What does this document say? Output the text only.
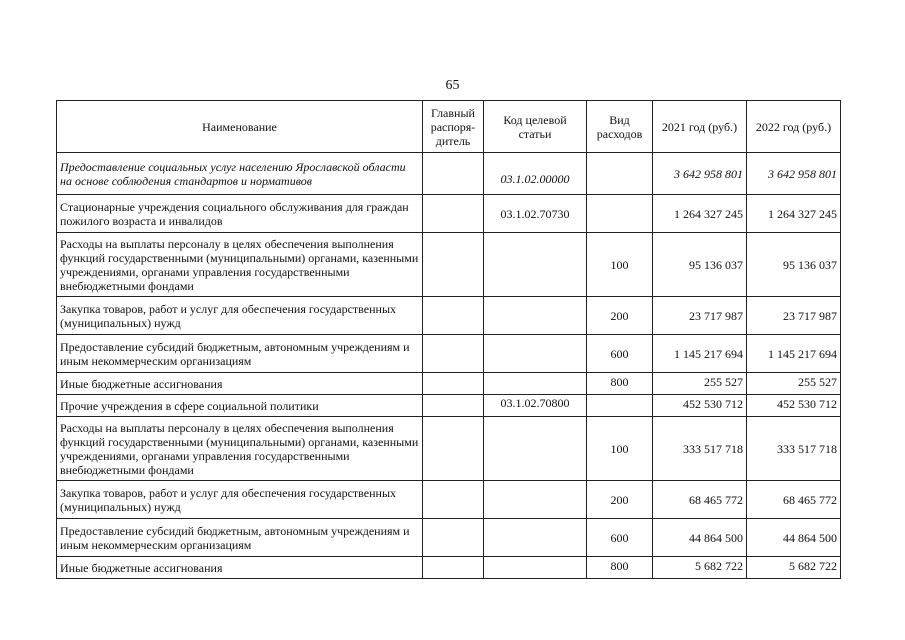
65
Наименование	Главный распоря-дитель	Код целевой статьи	Вид расходов	2021 год (руб.)	2022 год (руб.)
Предоставление социальных услуг населению Ярославской области на основе соблюдения стандартов и нормативов		03.1.02.00000		3 642 958 801	3 642 958 801
Стационарные учреждения социального обслуживания для граждан пожилого возраста и инвалидов		03.1.02.70730		1 264 327 245	1 264 327 245
Расходы на выплаты персоналу в целях обеспечения выполнения функций государственными (муниципальными) органами, казенными учреждениями, органами управления государственными внебюджетными фондами			100	95 136 037	95 136 037
Закупка товаров, работ и услуг для обеспечения государственных (муниципальных) нужд			200	23 717 987	23 717 987
Предоставление субсидий бюджетным, автономным учреждениям и иным некоммерческим организациям			600	1 145 217 694	1 145 217 694
Иные бюджетные ассигнования			800	255 527	255 527
Прочие учреждения в сфере социальной политики		03.1.02.70800		452 530 712	452 530 712
Расходы на выплаты персоналу в целях обеспечения выполнения функций государственными (муниципальными) органами, казенными учреждениями, органами управления государственными внебюджетными фондами			100	333 517 718	333 517 718
Закупка товаров, работ и услуг для обеспечения государственных (муниципальных) нужд			200	68 465 772	68 465 772
Предоставление субсидий бюджетным, автономным учреждениям и иным некоммерческим организациям			600	44 864 500	44 864 500
Иные бюджетные ассигнования			800	5 682 722	5 682 722
